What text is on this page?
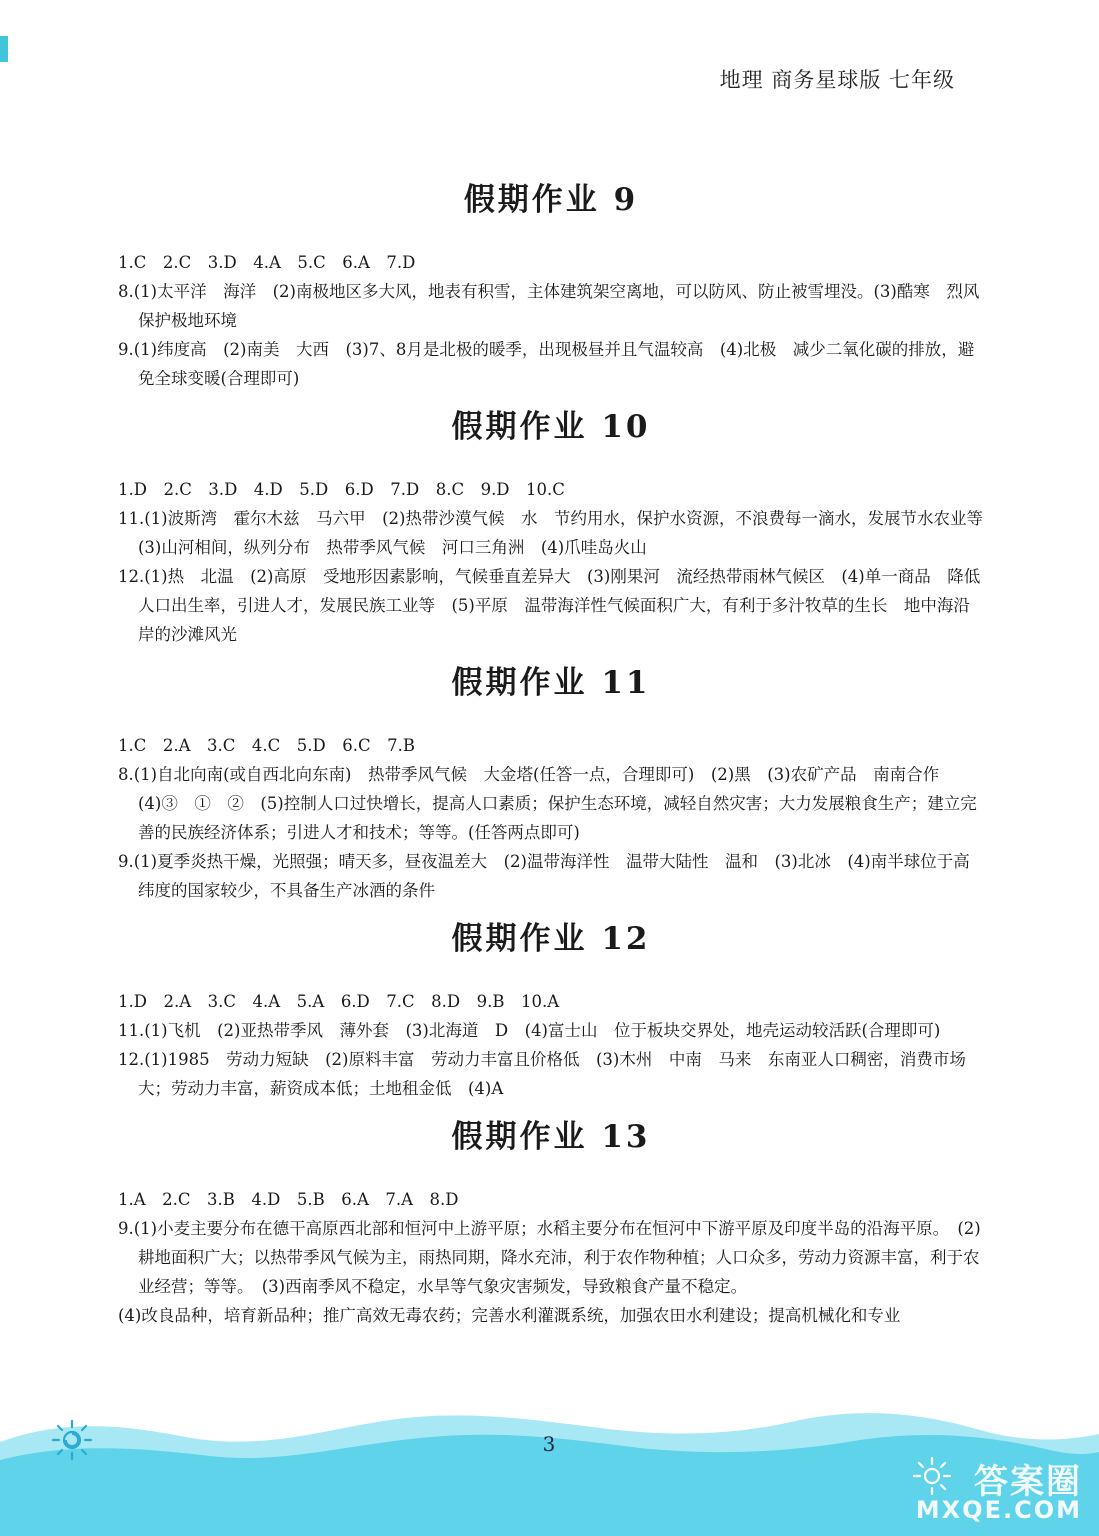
地理 商务星球版 七年级
假期作业 9
1.C　2.C　3.D　4.A　5.C　6.A　7.D
8.(1)太平洋　海洋　(2)南极地区多大风，地表有积雪，主体建筑架空离地，可以防风、防止被雪埋没。(3)酷寒　烈风　保护极地环境
9.(1)纬度高　(2)南美　大西　(3)7、8月是北极的暖季，出现极昼并且气温较高　(4)北极　减少二氧化碳的排放，避免全球变暖(合理即可)
假期作业 10
1.D　2.C　3.D　4.D　5.D　6.D　7.D　8.C　9.D　10.C
11.(1)波斯湾　霍尔木兹　马六甲　(2)热带沙漠气候　水　节约用水，保护水资源，不浪费每一滴水，发展节水农业等　(3)山河相间，纵列分布　热带季风气候　河口三角洲　(4)爪哇岛火山
12.(1)热　北温　(2)高原　受地形因素影响，气候垂直差异大　(3)刚果河　流经热带雨林气候区　(4)单一商品　降低人口出生率，引进人才，发展民族工业等　(5)平原　温带海洋性气候面积广大，有利于多汁牧草的生长　地中海沿岸的沙滩风光
假期作业 11
1.C　2.A　3.C　4.C　5.D　6.C　7.B
8.(1)自北向南(或自西北向东南)　热带季风气候　大金塔(任答一点，合理即可)　(2)黑　(3)农矿产品　南南合作　(4)③　①　②　(5)控制人口过快增长，提高人口素质；保护生态环境，减轻自然灾害；大力发展粮食生产；建立完善的民族经济体系；引进人才和技术；等等。(任答两点即可)
9.(1)夏季炎热干燥，光照强；晴天多，昼夜温差大　(2)温带海洋性　温带大陆性　温和　(3)北冰　(4)南半球位于高纬度的国家较少，不具备生产冰酒的条件
假期作业 12
1.D　2.A　3.C　4.A　5.A　6.D　7.C　8.D　9.B　10.A
11.(1)飞机　(2)亚热带季风　薄外套　(3)北海道　D　(4)富士山　位于板块交界处，地壳运动较活跃(合理即可)
12.(1)1985　劳动力短缺　(2)原料丰富　劳动力丰富且价格低　(3)木州　中南　马来　东南亚人口稠密，消费市场大；劳动力丰富，薪资成本低；土地租金低　(4)A
假期作业 13
1.A　2.C　3.B　4.D　5.B　6.A　7.A　8.D
9.(1)小麦主要分布在德干高原西北部和恒河中上游平原；水稻主要分布在恒河中下游平原及印度半岛的沿海平原。　(2)耕地面积广大；以热带季风气候为主，雨热同期，降水充沛，利于农作物种植；人口众多，劳动力资源丰富，利于农业经营；等等。　(3)西南季风不稳定，水旱等气象灾害频发，导致粮食产量不稳定。
(4)改良品种，培育新品种；推广高效无毒农药；完善水利灌溉系统，加强农田水利建设；提高机械化和专业
3
答案圈
MXQE.COM
